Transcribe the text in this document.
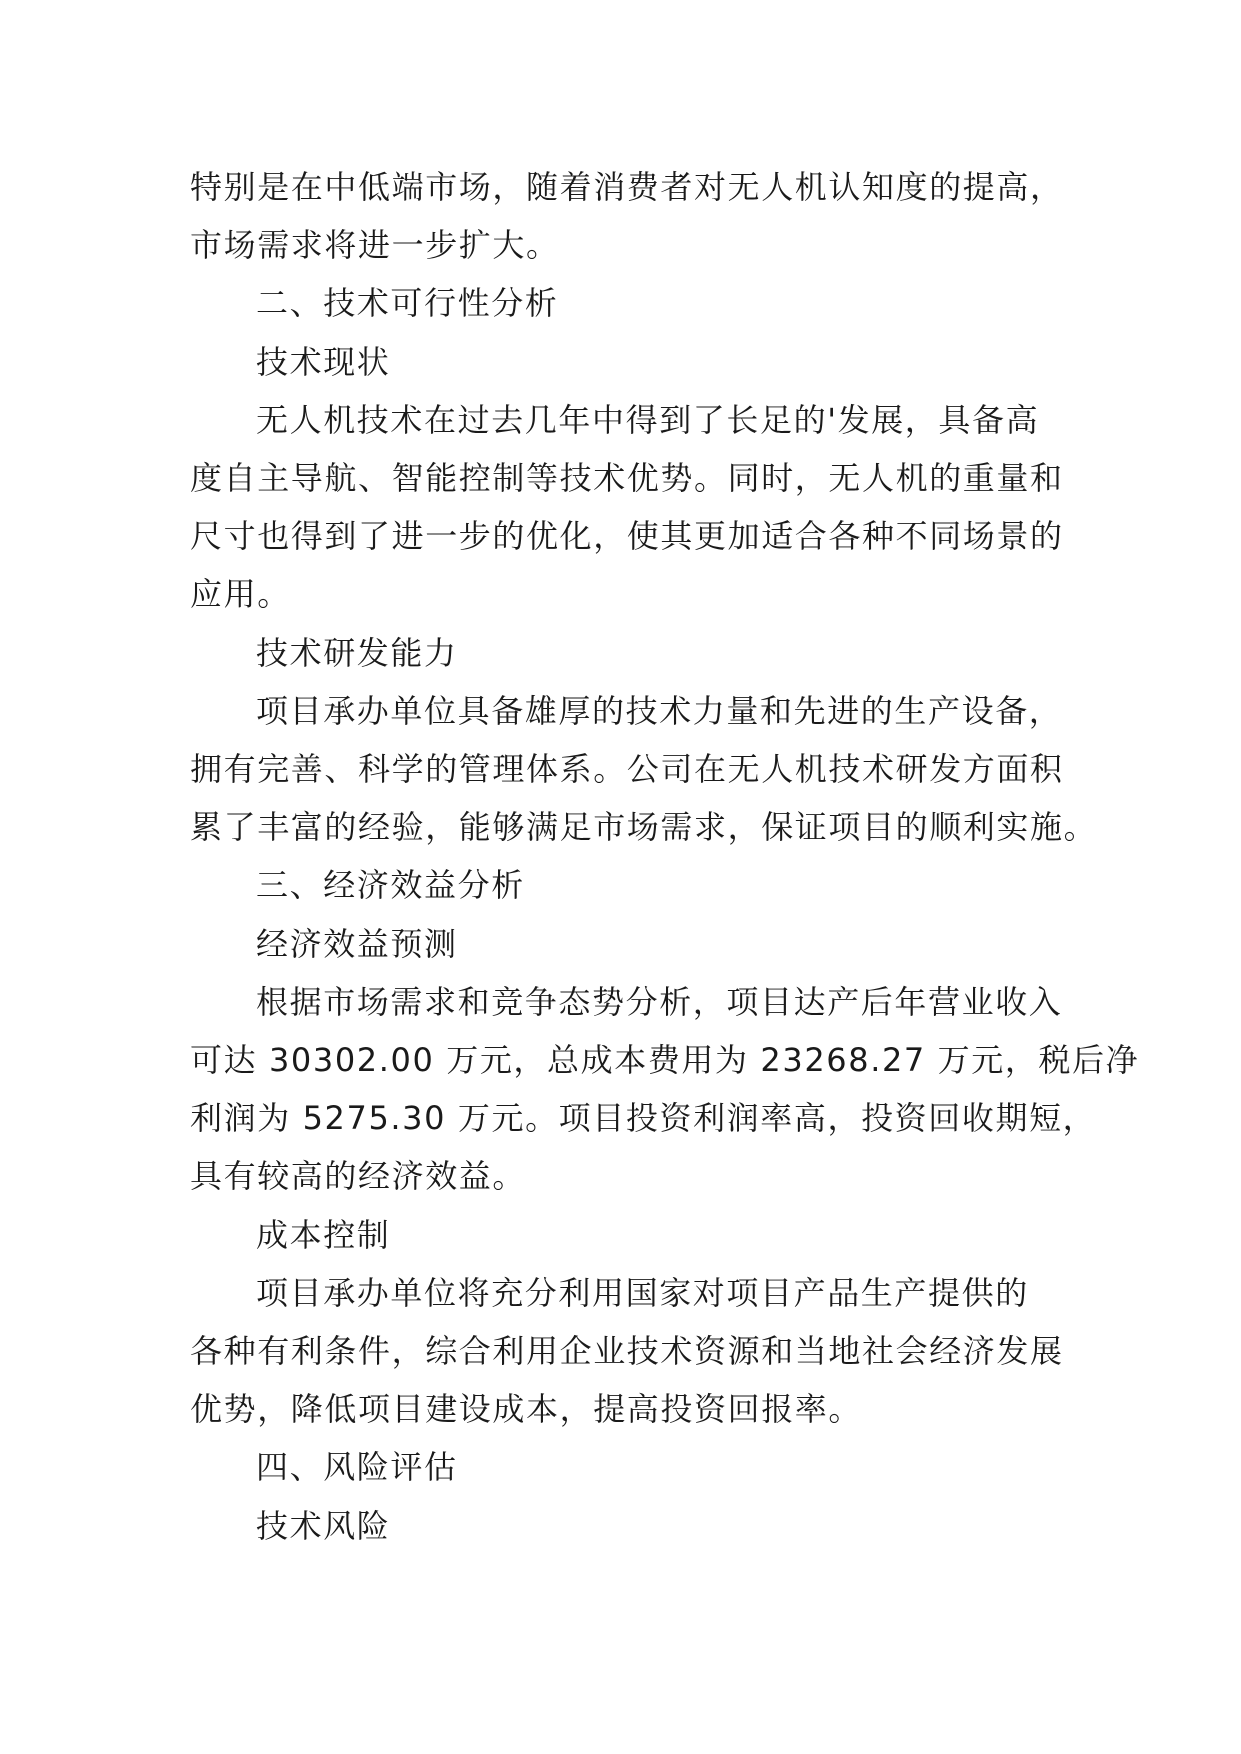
特别是在中低端市场，随着消费者对无人机认知度的提高，
市场需求将进一步扩大。
二、技术可行性分析
技术现状
无人机技术在过去几年中得到了长足的'发展，具备高
度自主导航、智能控制等技术优势。同时，无人机的重量和
尺寸也得到了进一步的优化，使其更加适合各种不同场景的
应用。
技术研发能力
项目承办单位具备雄厚的技术力量和先进的生产设备，
拥有完善、科学的管理体系。公司在无人机技术研发方面积
累了丰富的经验，能够满足市场需求，保证项目的顺利实施。
三、经济效益分析
经济效益预测
根据市场需求和竞争态势分析，项目达产后年营业收入
可达 30302.00 万元，总成本费用为 23268.27 万元，税后净
利润为 5275.30 万元。项目投资利润率高，投资回收期短，
具有较高的经济效益。
成本控制
项目承办单位将充分利用国家对项目产品生产提供的
各种有利条件，综合利用企业技术资源和当地社会经济发展
优势，降低项目建设成本，提高投资回报率。
四、风险评估
技术风险
